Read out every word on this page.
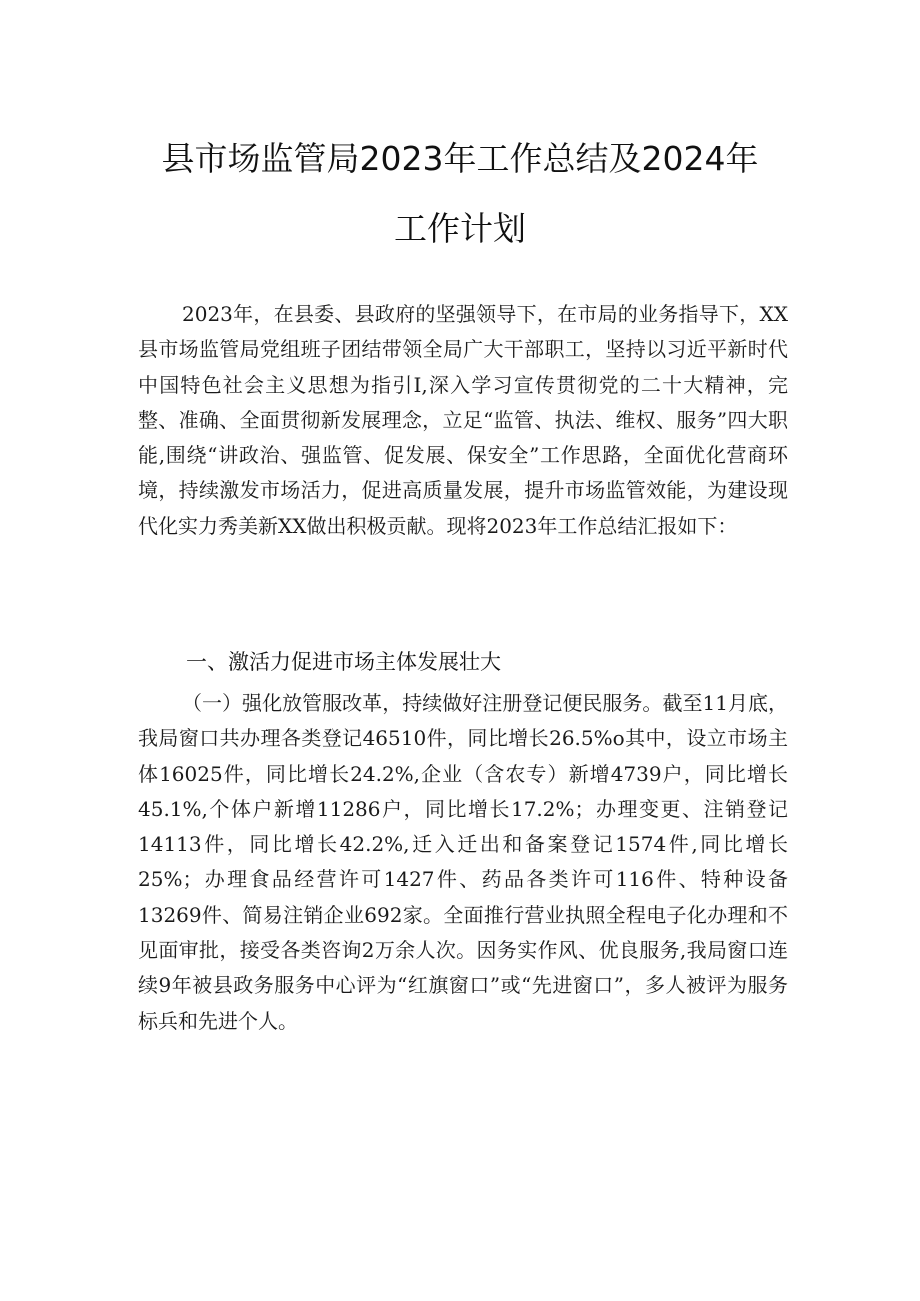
县市场监管局2023年工作总结及2024年
工作计划
2023年，在县委、县政府的坚强领导下，在市局的业务指导下，XX县市场监管局党组班子团结带领全局广大干部职工，坚持以习近平新时代中国特色社会主义思想为指引I,深入学习宣传贯彻党的二十大精神，完整、准确、全面贯彻新发展理念，立足“监管、执法、维权、服务”四大职能,围绕“讲政治、强监管、促发展、保安全”工作思路，全面优化营商环境，持续激发市场活力，促进高质量发展，提升市场监管效能，为建设现代化实力秀美新XX做出积极贡献。现将2023年工作总结汇报如下：
一、激活力促进市场主体发展壮大
（一）强化放管服改革，持续做好注册登记便民服务。截至11月底，我局窗口共办理各类登记46510件，同比增长26.5%o其中，设立市场主体16025件，同比增长24.2%,企业（含农专）新增4739户，同比增长45.1%,个体户新增11286户，同比增长17.2%；办理变更、注销登记14113件，同比增长42.2%,迁入迁出和备案登记1574件,同比增长25%；办理食品经营许可1427件、药品各类许可116件、特种设备13269件、简易注销企业692家。全面推行营业执照全程电子化办理和不见面审批，接受各类咨询2万余人次。因务实作风、优良服务,我局窗口连续9年被县政务服务中心评为“红旗窗口”或“先进窗口”，多人被评为服务标兵和先进个人。
